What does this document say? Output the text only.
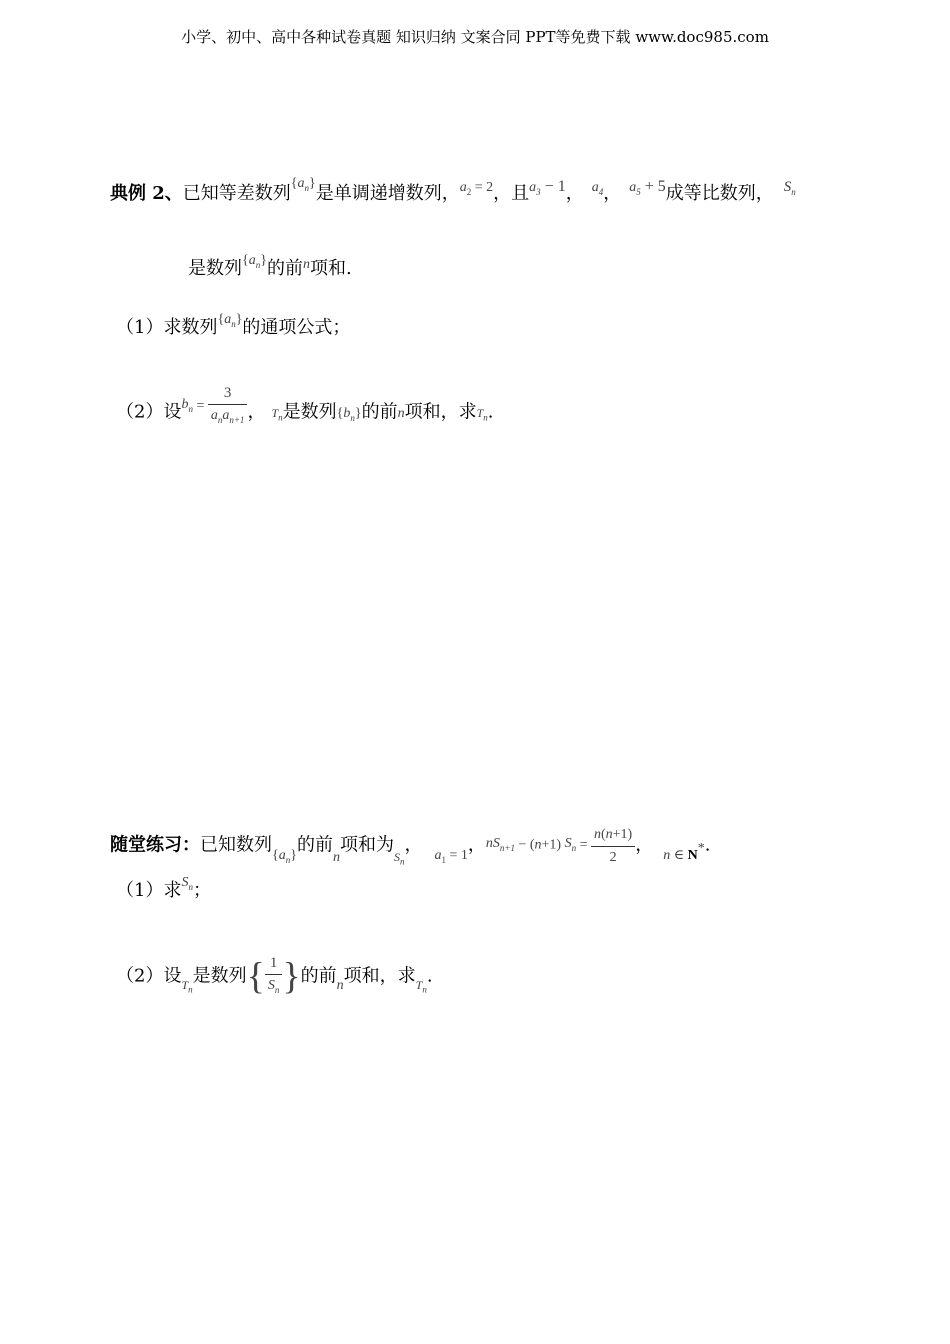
小学、初中、高中各种试卷真题 知识归纳 文案合同 PPT等免费下载 www.doc985.com
典例 2、已知等差数列$\{a_n\}$是单调递增数列，$a_2 = 2$，且$a_3 - 1$， $a_4$， $a_5 + 5$成等比数列， $S_n$
是数列$\{a_n\}$的前n项和.
（1）求数列$\{a_n\}$的通项公式；
（2）设$b_n = \frac{3}{a_na_{n+1}}$ ， $T_n$是数列$\{b_n\}$的前n项和，求$T_n$.
随堂练习：已知数列$\{a_n\}$的前n项和为$S_n$， $a_1 = 1$，$nS_{n+1} - (n+1) S_n = \frac{n(n+1)}{2}$ ， n ∈ N*.
（1）求$S_n$；
（2）设$T_n$是数列{ $\frac{1}{S_n}$ }的前n项和，求$T_n$.
